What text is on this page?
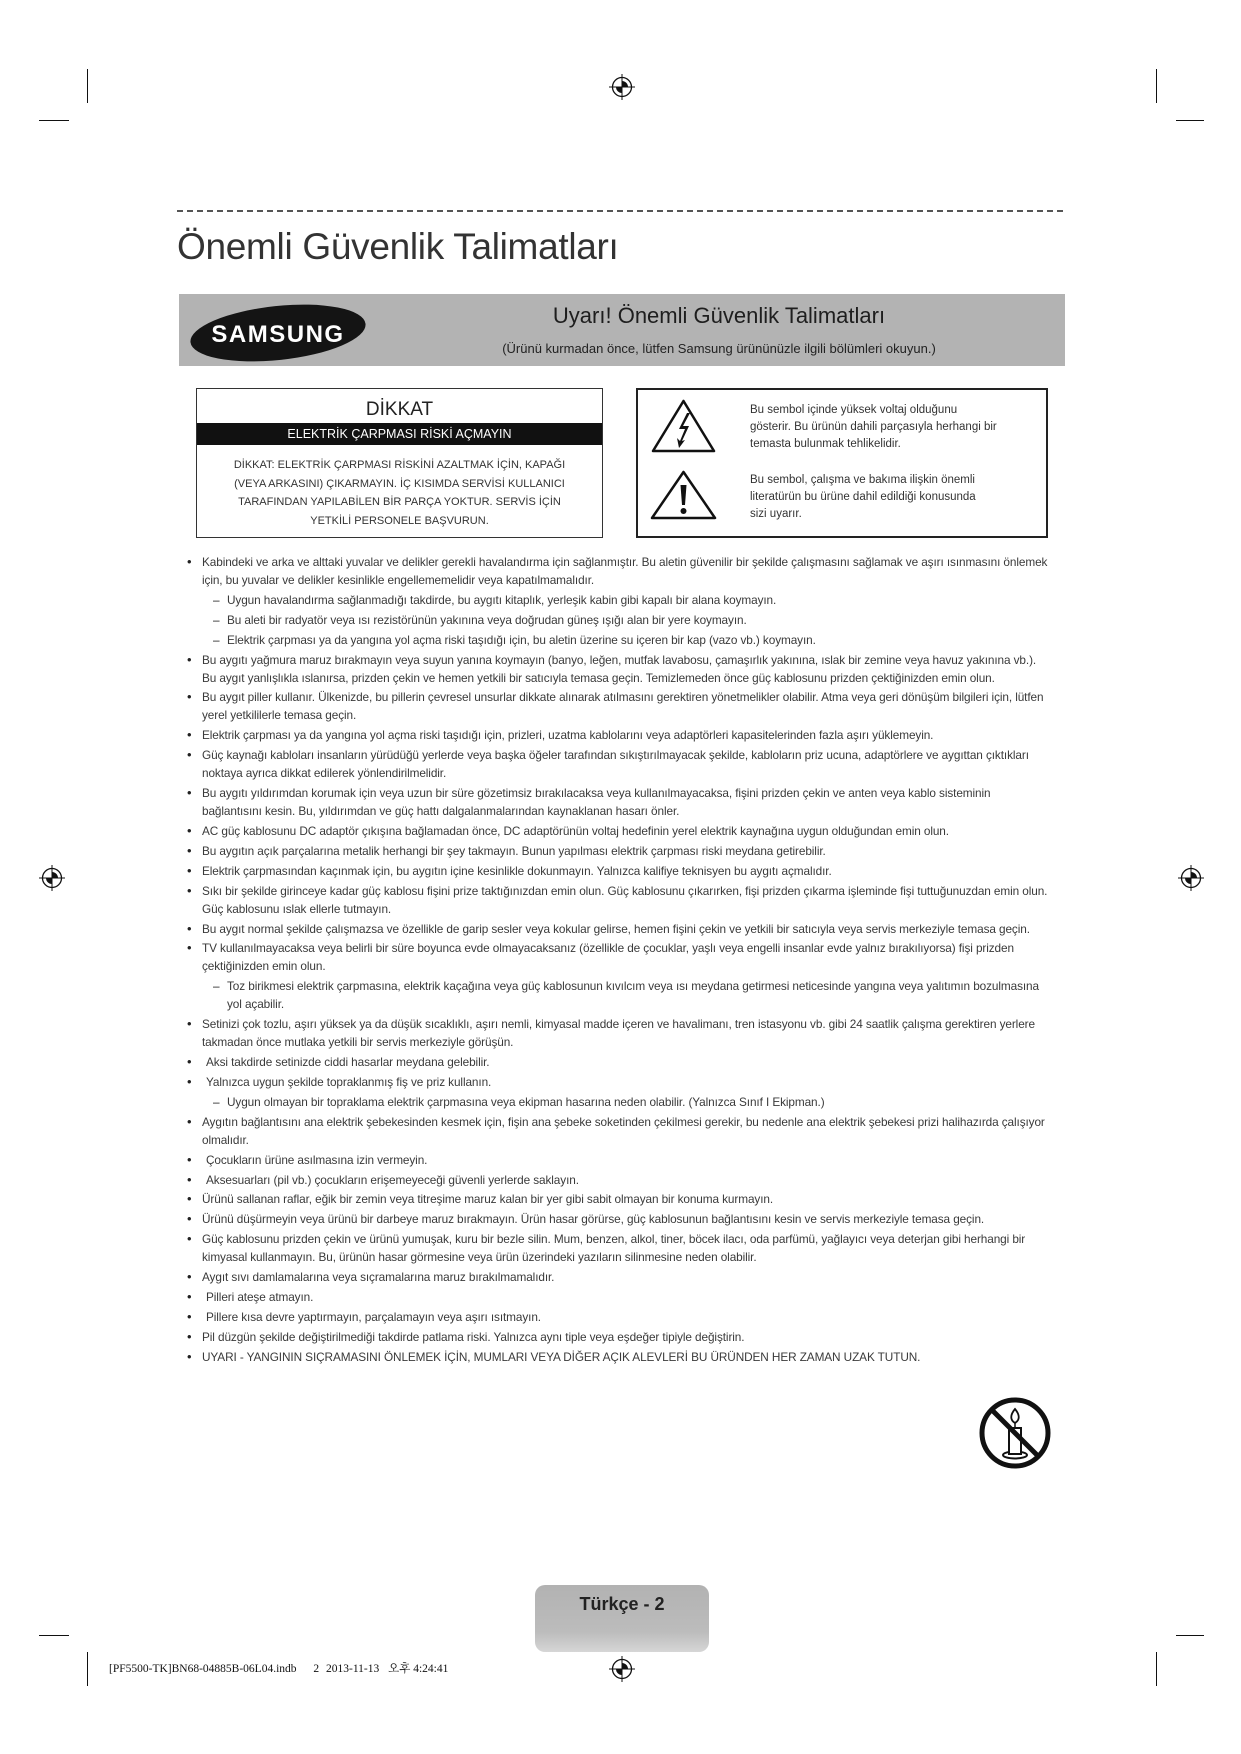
Önemli Güvenlik Talimatları
SAMSUNG
Uyarı! Önemli Güvenlik Talimatları
(Ürünü kurmadan önce, lütfen Samsung ürününüzle ilgili bölümleri okuyun.)
DİKKAT
ELEKTRİK ÇARPMASI RİSKİ AÇMAYIN
DİKKAT: ELEKTRİK ÇARPMASI RİSKİNİ AZALTMAK İÇİN, KAPAĞI
(VEYA ARKASINI) ÇIKARMAYIN. İÇ KISIMDA SERVİSİ KULLANICI
TARAFINDAN YAPILABİLEN BİR PARÇA YOKTUR. SERVİS İÇİN
YETKİLİ PERSONELE BAŞVURUN.
Bu sembol içinde yüksek voltaj olduğunu
gösterir. Bu ürünün dahili parçasıyla herhangi bir
temasta bulunmak tehlikelidir.
Bu sembol, çalışma ve bakıma ilişkin önemli
literatürün bu ürüne dahil edildiği konusunda
sizi uyarır.
• Kabindeki ve arka ve alttaki yuvalar ve delikler gerekli havalandırma için sağlanmıştır. Bu aletin güvenilir bir şekilde çalışmasını sağlamak ve aşırı ısınmasını önlemek için, bu yuvalar ve delikler kesinlikle engellememelidir veya kapatılmamalıdır.
– Uygun havalandırma sağlanmadığı takdirde, bu aygıtı kitaplık, yerleşik kabin gibi kapalı bir alana koymayın.
– Bu aleti bir radyatör veya ısı rezistörünün yakınına veya doğrudan güneş ışığı alan bir yere koymayın.
– Elektrik çarpması ya da yangına yol açma riski taşıdığı için, bu aletin üzerine su içeren bir kap (vazo vb.) koymayın.
• Bu aygıtı yağmura maruz bırakmayın veya suyun yanına koymayın (banyo, leğen, mutfak lavabosu, çamaşırlık yakınına, ıslak bir zemine veya havuz yakınına vb.). Bu aygıt yanlışlıkla ıslanırsa, prizden çekin ve hemen yetkili bir satıcıyla temasa geçin. Temizlemeden önce güç kablosunu prizden çektiğinizden emin olun.
• Bu aygıt piller kullanır. Ülkenizde, bu pillerin çevresel unsurlar dikkate alınarak atılmasını gerektiren yönetmelikler olabilir. Atma veya geri dönüşüm bilgileri için, lütfen yerel yetkililerle temasa geçin.
• Elektrik çarpması ya da yangına yol açma riski taşıdığı için, prizleri, uzatma kablolarını veya adaptörleri kapasitelerinden fazla aşırı yüklemeyin.
• Güç kaynağı kabloları insanların yürüdüğü yerlerde veya başka öğeler tarafından sıkıştırılmayacak şekilde, kabloların priz ucuna, adaptörlere ve aygıttan çıktıkları noktaya ayrıca dikkat edilerek yönlendirilmelidir.
• Bu aygıtı yıldırımdan korumak için veya uzun bir süre gözetimsiz bırakılacaksa veya kullanılmayacaksa, fişini prizden çekin ve anten veya kablo sisteminin bağlantısını kesin. Bu, yıldırımdan ve güç hattı dalgalanmalarından kaynaklanan hasarı önler.
• AC güç kablosunu DC adaptör çıkışına bağlamadan önce, DC adaptörünün voltaj hedefinin yerel elektrik kaynağına uygun olduğundan emin olun.
• Bu aygıtın açık parçalarına metalik herhangi bir şey takmayın. Bunun yapılması elektrik çarpması riski meydana getirebilir.
• Elektrik çarpmasından kaçınmak için, bu aygıtın içine kesinlikle dokunmayın. Yalnızca kalifiye teknisyen bu aygıtı açmalıdır.
• Sıkı bir şekilde girinceye kadar güç kablosu fişini prize taktığınızdan emin olun. Güç kablosunu çıkarırken, fişi prizden çıkarma işleminde fişi tuttuğunuzdan emin olun. Güç kablosunu ıslak ellerle tutmayın.
• Bu aygıt normal şekilde çalışmazsa ve özellikle de garip sesler veya kokular gelirse, hemen fişini çekin ve yetkili bir satıcıyla veya servis merkeziyle temasa geçin.
• TV kullanılmayacaksa veya belirli bir süre boyunca evde olmayacaksanız (özellikle de çocuklar, yaşlı veya engelli insanlar evde yalnız bırakılıyorsa) fişi prizden çektiğinizden emin olun.
– Toz birikmesi elektrik çarpmasına, elektrik kaçağına veya güç kablosunun kıvılcım veya ısı meydana getirmesi neticesinde yangına veya yalıtımın bozulmasına yol açabilir.
• Setinizi çok tozlu, aşırı yüksek ya da düşük sıcaklıklı, aşırı nemli, kimyasal madde içeren ve havalimanı, tren istasyonu vb. gibi 24 saatlik çalışma gerektiren yerlere takmadan önce mutlaka yetkili bir servis merkeziyle görüşün.
• Aksi takdirde setinizde ciddi hasarlar meydana gelebilir.
• Yalnızca uygun şekilde topraklanmış fiş ve priz kullanın.
– Uygun olmayan bir topraklama elektrik çarpmasına veya ekipman hasarına neden olabilir. (Yalnızca Sınıf I Ekipman.)
• Aygıtın bağlantısını ana elektrik şebekesinden kesmek için, fişin ana şebeke soketinden çekilmesi gerekir, bu nedenle ana elektrik şebekesi prizi halihazırda çalışıyor olmalıdır.
• Çocukların ürüne asılmasına izin vermeyin.
• Aksesuarları (pil vb.) çocukların erişemeyeceği güvenli yerlerde saklayın.
• Ürünü sallanan raflar, eğik bir zemin veya titreşime maruz kalan bir yer gibi sabit olmayan bir konuma kurmayın.
• Ürünü düşürmeyin veya ürünü bir darbeye maruz bırakmayın. Ürün hasar görürse, güç kablosunun bağlantısını kesin ve servis merkeziyle temasa geçin.
• Güç kablosunu prizden çekin ve ürünü yumuşak, kuru bir bezle silin. Mum, benzen, alkol, tiner, böcek ilacı, oda parfümü, yağlayıcı veya deterjan gibi herhangi bir kimyasal kullanmayın. Bu, ürünün hasar görmesine veya ürün üzerindeki yazıların silinmesine neden olabilir.
• Aygıt sıvı damlamalarına veya sıçramalarına maruz bırakılmamalıdır.
• Pilleri ateşe atmayın.
• Pillere kısa devre yaptırmayın, parçalamayın veya aşırı ısıtmayın.
• Pil düzgün şekilde değiştirilmediği takdirde patlama riski. Yalnızca aynı tiple veya eşdeğer tipiyle değiştirin.
• UYARI - YANGININ SIÇRAMASINI ÖNLEMEK İÇİN, MUMLARI VEYA DİĞER AÇIK ALEVLERİ BU ÜRÜNDEN HER ZAMAN UZAK TUTUN.
Türkçe - 2
[PF5500-TK]BN68-04885B-06L04.indb 2 2013-11-13 오후 4:24:41
